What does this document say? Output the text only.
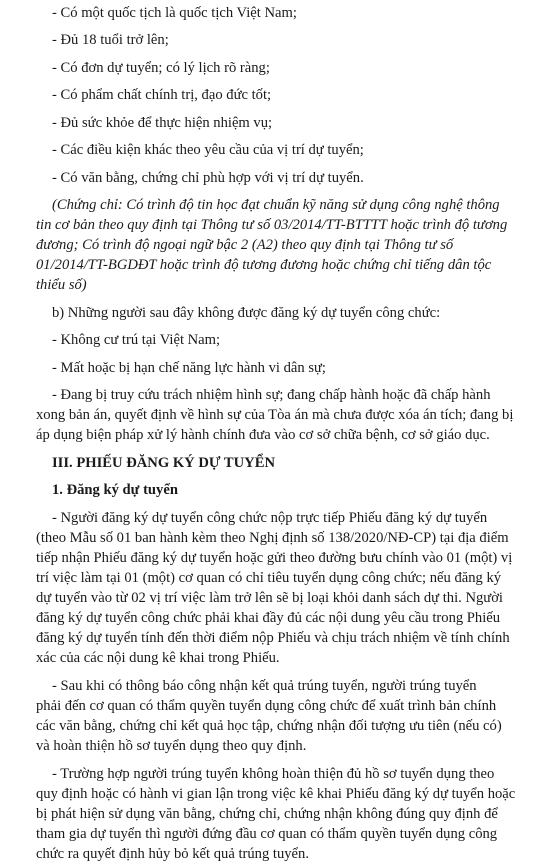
- Có một quốc tịch là quốc tịch Việt Nam;
- Đủ 18 tuổi trở lên;
- Có đơn dự tuyển; có lý lịch rõ ràng;
- Có phẩm chất chính trị, đạo đức tốt;
- Đủ sức khỏe để thực hiện nhiệm vụ;
- Các điều kiện khác theo yêu cầu của vị trí dự tuyển;
- Có văn bằng, chứng chỉ phù hợp với vị trí dự tuyển.
(Chứng chỉ: Có trình độ tin học đạt chuẩn kỹ năng sử dụng công nghệ thông
tin cơ bản theo quy định tại Thông tư số 03/2014/TT-BTTTT hoặc trình độ tương
đương; Có trình độ ngoại ngữ bậc 2 (A2) theo quy định tại Thông tư số
01/2014/TT-BGDĐT hoặc trình độ tương đương hoặc chứng chỉ tiếng dân tộc
thiểu số)
b) Những người sau đây không được đăng ký dự tuyển công chức:
- Không cư trú tại Việt Nam;
- Mất hoặc bị hạn chế năng lực hành vi dân sự;
- Đang bị truy cứu trách nhiệm hình sự; đang chấp hành hoặc đã chấp hành
xong bản án, quyết định về hình sự của Tòa án mà chưa được xóa án tích; đang bị
áp dụng biện pháp xử lý hành chính đưa vào cơ sở chữa bệnh, cơ sở giáo dục.
III. PHIẾU ĐĂNG KÝ DỰ TUYỂN
1. Đăng ký dự tuyển
- Người đăng ký dự tuyển công chức nộp trực tiếp Phiếu đăng ký dự tuyển
(theo Mẫu số 01 ban hành kèm theo Nghị định số 138/2020/NĐ-CP) tại địa điểm
tiếp nhận Phiếu đăng ký dự tuyển hoặc gửi theo đường bưu chính vào 01 (một) vị
trí việc làm tại 01 (một) cơ quan có chỉ tiêu tuyển dụng công chức; nếu đăng ký
dự tuyển vào từ 02 vị trí việc làm trở lên sẽ bị loại khỏi danh sách dự thi. Người
đăng ký dự tuyển công chức phải khai đầy đủ các nội dung yêu cầu trong Phiếu
đăng ký dự tuyển tính đến thời điểm nộp Phiếu và chịu trách nhiệm về tính chính
xác của các nội dung kê khai trong Phiếu.
- Sau khi có thông báo công nhận kết quả trúng tuyển, người trúng tuyển
phải đến cơ quan có thẩm quyền tuyển dụng công chức để xuất trình bản chính
các văn bằng, chứng chỉ kết quả học tập, chứng nhận đối tượng ưu tiên (nếu có)
và hoàn thiện hồ sơ tuyển dụng theo quy định.
- Trường hợp người trúng tuyển không hoàn thiện đủ hồ sơ tuyển dụng theo
quy định hoặc có hành vi gian lận trong việc kê khai Phiếu đăng ký dự tuyển hoặc
bị phát hiện sử dụng văn bằng, chứng chỉ, chứng nhận không đúng quy định để
tham gia dự tuyển thì người đứng đầu cơ quan có thẩm quyền tuyển dụng công
chức ra quyết định hủy bỏ kết quả trúng tuyển.
